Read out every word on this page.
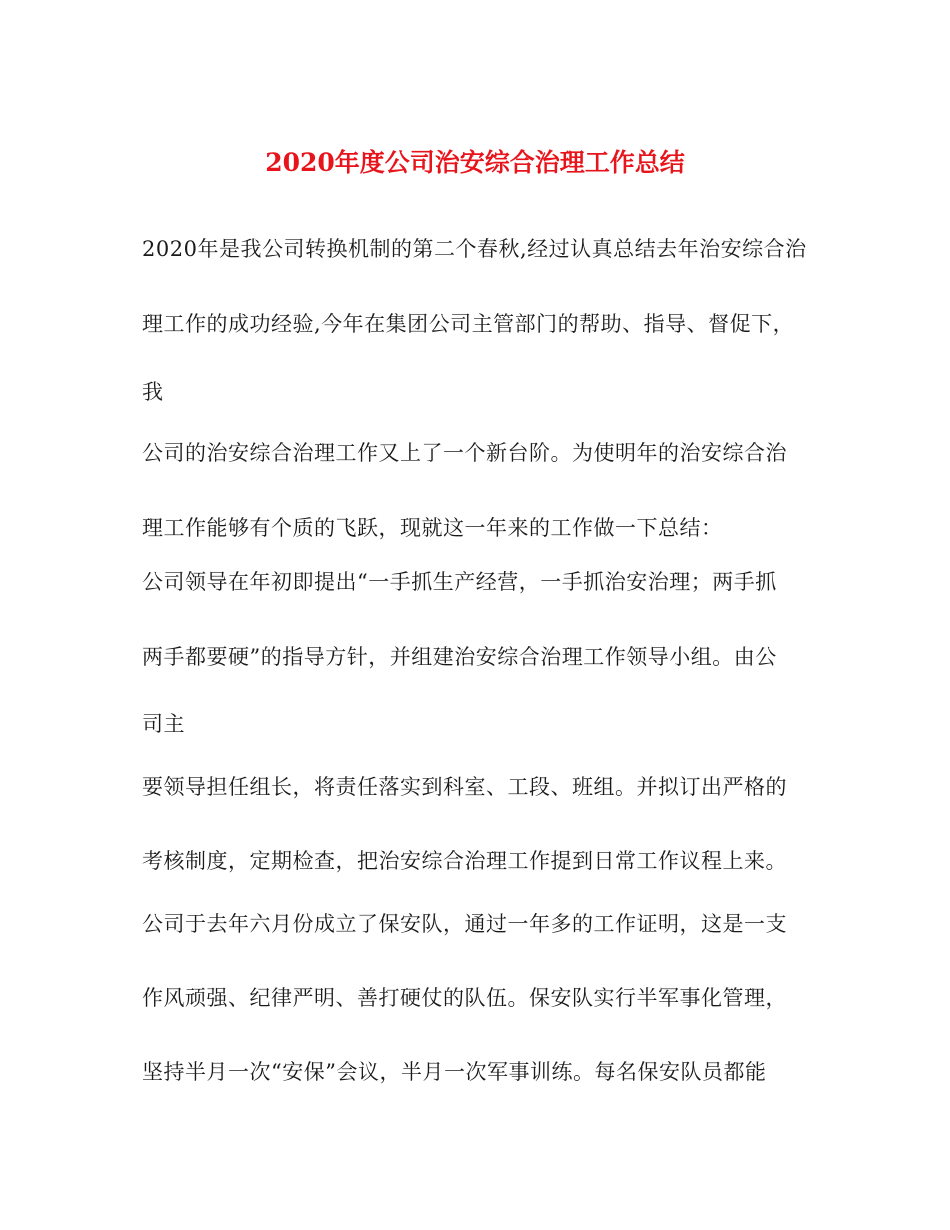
2020年度公司治安综合治理工作总结
2020年是我公司转换机制的第二个春秋,经过认真总结去年治安综合治
理工作的成功经验,今年在集团公司主管部门的帮助、指导、督促下，
我
公司的治安综合治理工作又上了一个新台阶。为使明年的治安综合治
理工作能够有个质的飞跃，现就这一年来的工作做一下总结：
公司领导在年初即提出“一手抓生产经营，一手抓治安治理；两手抓
两手都要硬”的指导方针，并组建治安综合治理工作领导小组。由公
司主
要领导担任组长，将责任落实到科室、工段、班组。并拟订出严格的
考核制度，定期检查，把治安综合治理工作提到日常工作议程上来。
公司于去年六月份成立了保安队，通过一年多的工作证明，这是一支
作风顽强、纪律严明、善打硬仗的队伍。保安队实行半军事化管理，
坚持半月一次“安保”会议，半月一次军事训练。每名保安队员都能
